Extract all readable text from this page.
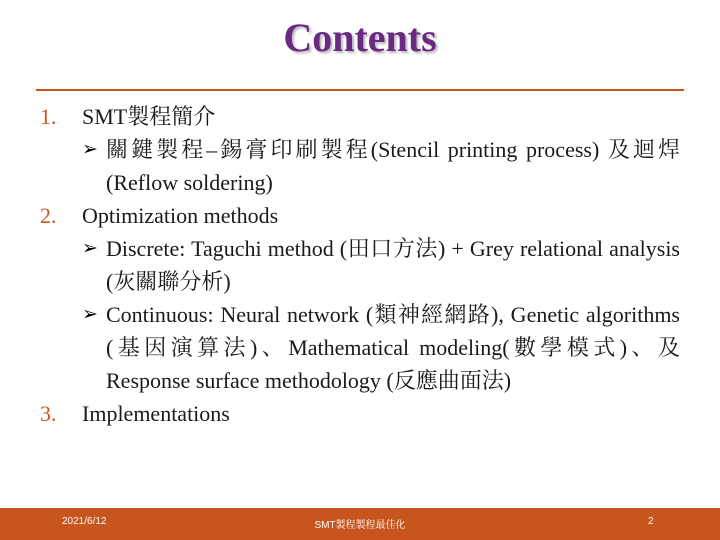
Contents
1. SMT製程簡介
➢ 關鍵製程–錫膏印刷製程(Stencil printing process) 及迴焊(Reflow soldering)
2. Optimization methods
➢ Discrete: Taguchi method (田口方法) + Grey relational analysis (灰關聯分析)
➢ Continuous: Neural network (類神經網路), Genetic algorithms (基因演算法)、Mathematical modeling(數學模式)、及Response surface methodology (反應曲面法)
3. Implementations
2021/6/12	SMT製程製程最佳化	2
